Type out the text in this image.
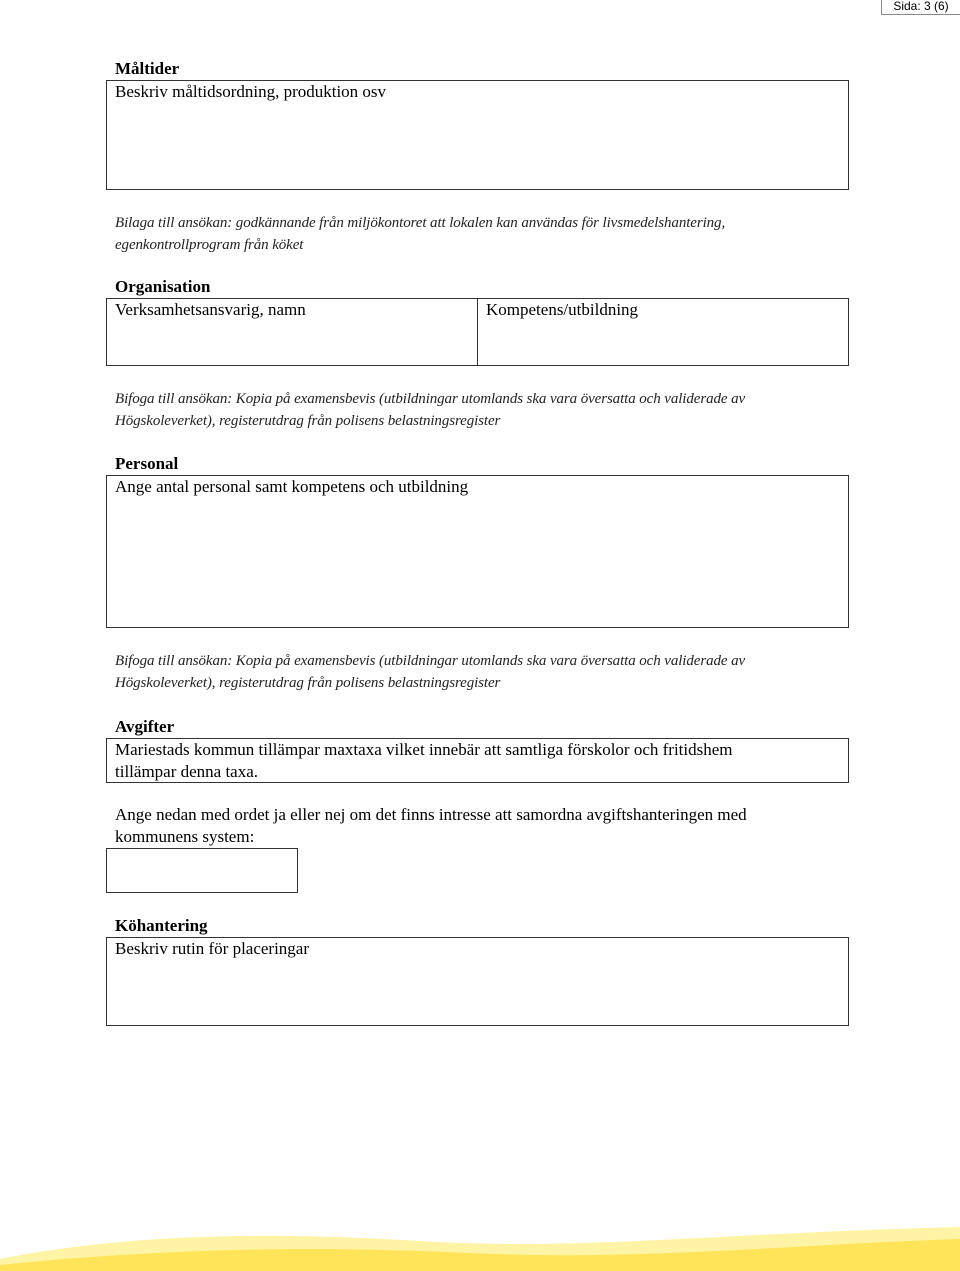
Sida: 3 (6)
Måltider
Beskriv måltidsordning, produktion osv
Bilaga till ansökan: godkännande från miljökontoret att lokalen kan användas för livsmedelshantering,
egenkontrollprogram från köket
Organisation
Verksamhetsansvarig, namn	Kompetens/utbildning
Bifoga till ansökan: Kopia på examensbevis (utbildningar utomlands ska vara översatta och validerade av
Högskoleverket), registerutdrag från polisens belastningsregister
Personal
Ange antal personal samt kompetens och utbildning
Bifoga till ansökan: Kopia på examensbevis (utbildningar utomlands ska vara översatta och validerade av
Högskoleverket), registerutdrag från polisens belastningsregister
Avgifter
Mariestads kommun tillämpar maxtaxa vilket innebär att samtliga förskolor och fritidshem
tillämpar denna taxa.
Ange nedan med ordet ja eller nej om det finns intresse att samordna avgiftshanteringen med
kommunens system:
Köhantering
Beskriv rutin för placeringar
